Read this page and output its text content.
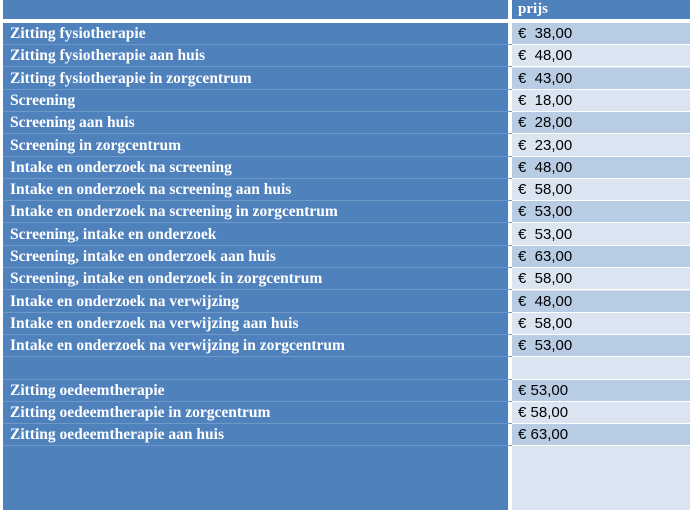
prijs
Zitting fysiotherapie	€  38,00
Zitting fysiotherapie aan huis	€  48,00
Zitting fysiotherapie in zorgcentrum	€  43,00
Screening	€  18,00
Screening aan huis	€  28,00
Screening in zorgcentrum	€  23,00
Intake en onderzoek na screening	€  48,00
Intake en onderzoek na screening aan huis	€  58,00
Intake en onderzoek na screening in zorgcentrum	€  53,00
Screening, intake en onderzoek	€  53,00
Screening, intake en onderzoek aan huis	€  63,00
Screening, intake en onderzoek in zorgcentrum	€  58,00
Intake en onderzoek na verwijzing	€  48,00
Intake en onderzoek na verwijzing aan huis	€  58,00
Intake en onderzoek na verwijzing in zorgcentrum	€  53,00
Zitting oedeemtherapie	€ 53,00
Zitting oedeemtherapie in zorgcentrum	€ 58,00
Zitting oedeemtherapie aan huis	€ 63,00
